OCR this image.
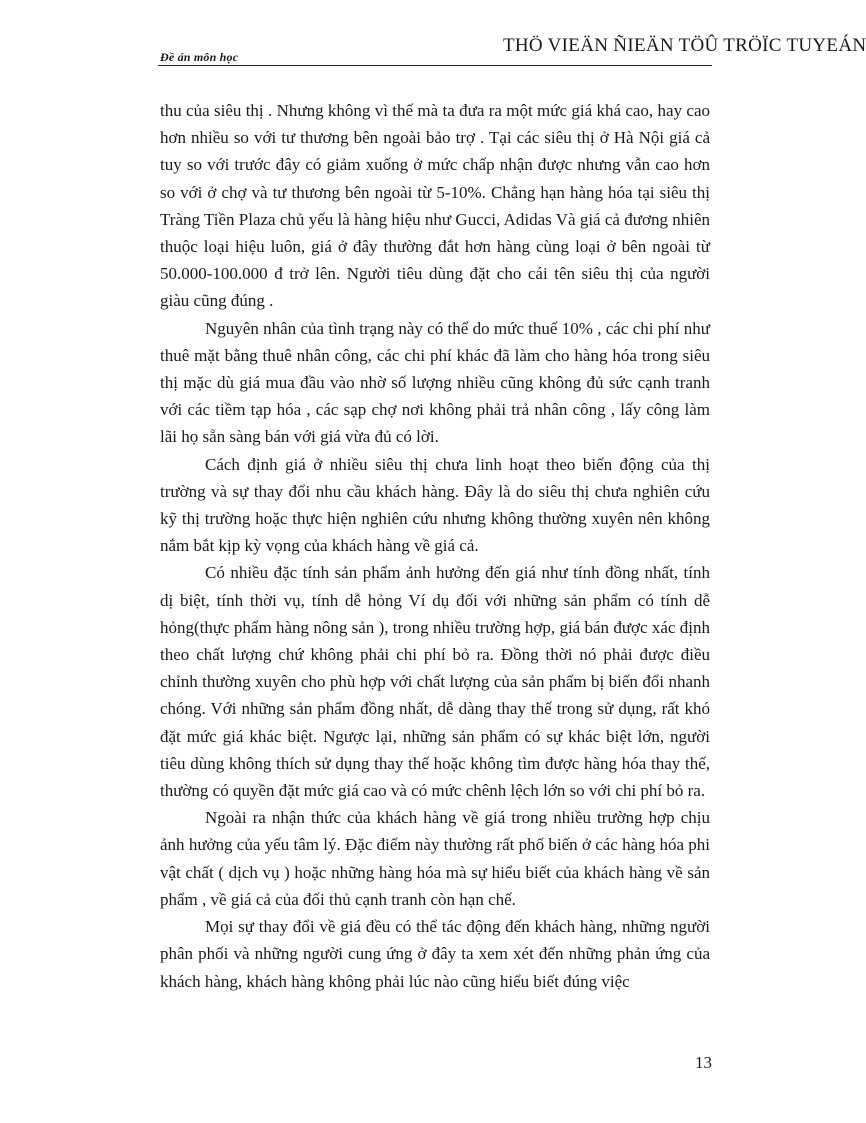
Đề án môn học
THÖ VIEÄN ÑIEÄN TÖÛ TRÖÏC TUYEÁN

thu của siêu thị . Nhưng không vì thế mà ta đưa ra một mức giá khá cao, hay cao hơn nhiều so với tư thương bên ngoài bảo trợ . Tại các siêu thị ở Hà Nội giá cả tuy so với trước đây có giảm xuống ở mức chấp nhận được nhưng vẫn cao hơn so với ở chợ và tư thương bên ngoài từ 5-10%. Chẳng hạn hàng hóa tại siêu thị Tràng Tiền Plaza chủ yếu là hàng hiệu như Gucci, Adidas Và giá cả đương nhiên thuộc loại hiệu luôn, giá ở đây thường đắt hơn hàng cùng loại ở bên ngoài từ 50.000-100.000 đ trở lên. Người tiêu dùng đặt cho cái tên siêu thị của người giàu cũng đúng .

Nguyên nhân của tình trạng này có thể do mức thuế 10% , các chi phí như thuê mặt bằng thuê nhân công, các chi phí khác đã làm cho hàng hóa trong siêu thị mặc dù giá mua đầu vào nhờ số lượng nhiều cũng không đủ sức cạnh tranh với các tiềm tạp hóa , các sạp chợ nơi không phải trả nhân công , lấy công làm lãi họ sẵn sàng bán với giá vừa đủ có lời.

Cách định giá ở nhiều siêu thị chưa linh hoạt theo biến động của thị trường và sự thay đổi nhu cầu khách hàng. Đây là do siêu thị chưa nghiên cứu kỹ thị trường hoặc thực hiện nghiên cứu nhưng không thường xuyên nên không nắm bắt kịp kỳ vọng của khách hàng về giá cả.

Có nhiều đặc tính sản phẩm ảnh hưởng đến giá như tính đồng nhất, tính dị biệt, tính thời vụ, tính dễ hỏng Ví dụ đối với những sản phẩm có tính dễ hỏng(thực phẩm hàng nông sản ), trong nhiều trường hợp, giá bán được xác định theo chất lượng chứ không phải chi phí bỏ ra. Đồng thời nó phải được điều chỉnh thường xuyên cho phù hợp với chất lượng của sản phẩm bị biến đổi nhanh chóng. Với những sản phẩm đồng nhất, dễ dàng thay thế trong sử dụng, rất khó đặt mức giá khác biệt. Ngược lại, những sản phẩm có sự khác biệt lớn, người tiêu dùng không thích sử dụng thay thế hoặc không tìm được hàng hóa thay thế, thường có quyền đặt mức giá cao và có mức chênh lệch lớn so với chi phí bỏ ra.

Ngoài ra nhận thức của khách hàng về giá trong nhiều trường hợp chịu ảnh hưởng của yếu tâm lý. Đặc điểm này thường rất phổ biến ở các hàng hóa phi vật chất ( dịch vụ ) hoặc những hàng hóa mà sự hiểu biết của khách hàng về sản phẩm , về giá cả của đối thủ cạnh tranh còn hạn chế.

Mọi sự thay đổi về giá đều có thể tác động đến khách hàng, những người phân phối và những người cung ứng ở đây ta xem xét đến những phản ứng của khách hàng, khách hàng không phải lúc nào cũng hiểu biết đúng việc

13
